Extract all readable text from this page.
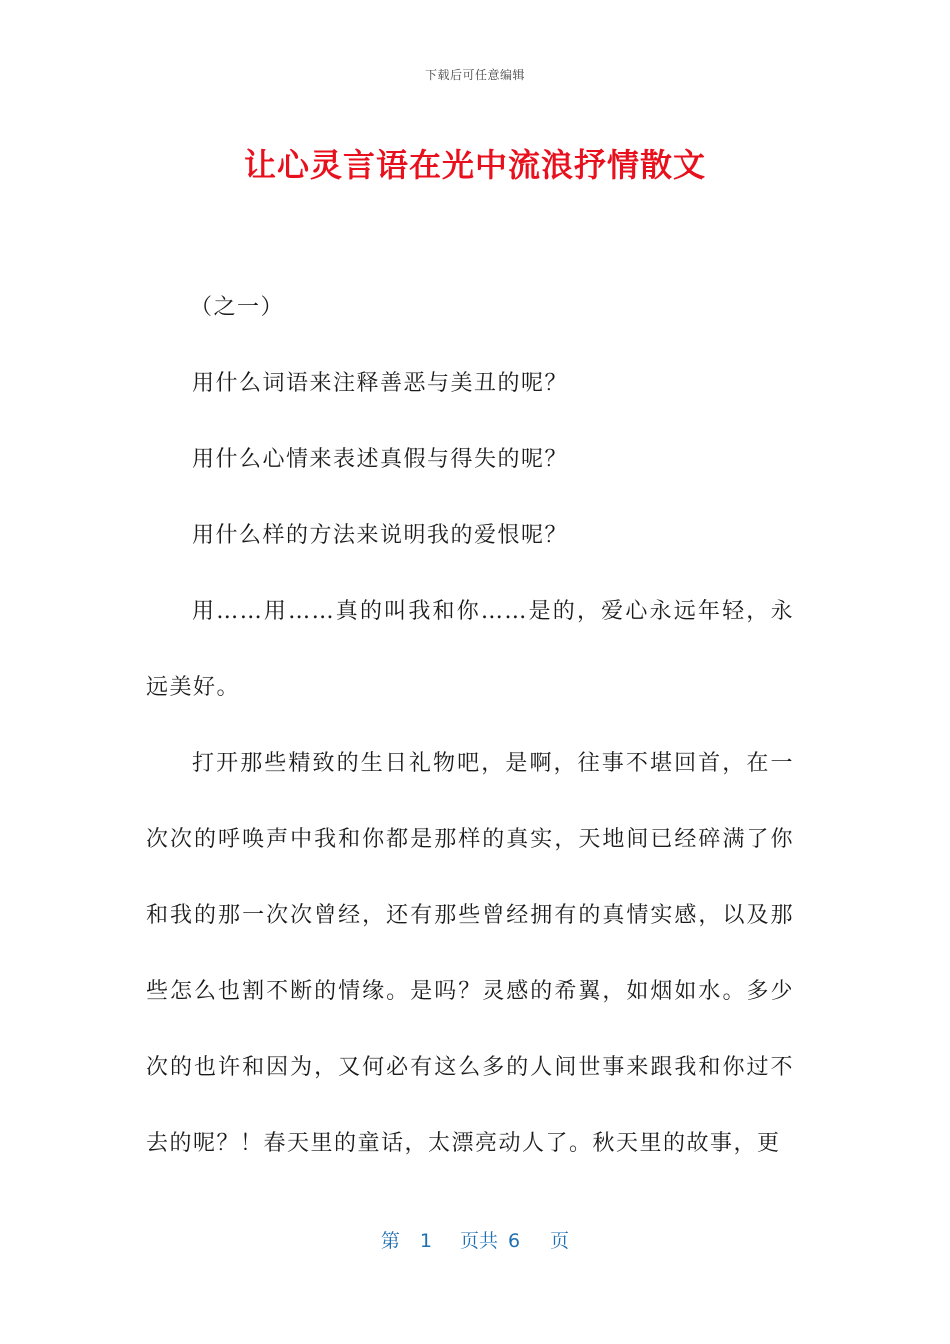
下载后可任意编辑
让心灵言语在光中流浪抒情散文

（之一）

用什么词语来注释善恶与美丑的呢？

用什么心情来表述真假与得失的呢？

用什么样的方法来说明我的爱恨呢？

用……用……真的叫我和你……是的，爱心永远年轻，永远美好。

打开那些精致的生日礼物吧，是啊，往事不堪回首，在一次次的呼唤声中我和你都是那样的真实，天地间已经碎满了你和我的那一次次曾经，还有那些曾经拥有的真情实感，以及那些怎么也割不断的情缘。是吗？灵感的希翼，如烟如水。多少次的也许和因为，又何必有这么多的人间世事来跟我和你过不去的呢？！春天里的童话，太漂亮动人了。秋天里的故事，更

第 1 页共 6 页
